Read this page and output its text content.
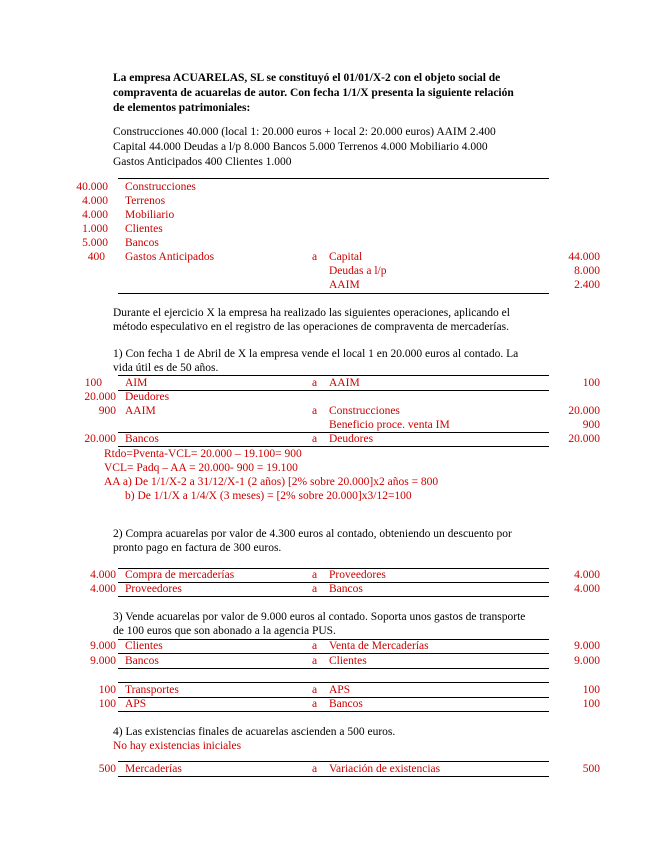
La empresa ACUARELAS, SL se constituyó el 01/01/X-2 con el objeto social de
compraventa de acuarelas de autor. Con fecha 1/1/X presenta la siguiente relación
de elementos patrimoniales:
Construcciones 40.000 (local 1: 20.000 euros + local 2: 20.000 euros) AAIM 2.400
Capital 44.000 Deudas a l/p 8.000 Bancos 5.000 Terrenos 4.000 Mobiliario 4.000
Gastos Anticipados 400 Clientes 1.000
40.000 Construcciones
4.000 Terrenos
4.000 Mobiliario
1.000 Clientes
5.000 Bancos
400 Gastos Anticipados	a Capital	44.000
Deudas a l/p	8.000
AAIM	2.400
Durante el ejercicio X la empresa ha realizado las siguientes operaciones, aplicando el
método especulativo en el registro de las operaciones de compraventa de mercaderías.
1) Con fecha 1 de Abril de X la empresa vende el local 1 en 20.000 euros al contado. La
vida útil es de 50 años.
100 AIM	a AAIM	100
20.000 Deudores
900 AAIM	a Construcciones	20.000
Beneficio proce. venta IM	900
20.000 Bancos	a Deudores	20.000
Rtdo=Pventa-VCL= 20.000 – 19.100= 900
VCL= Padq – AA = 20.000- 900 = 19.100
AA a) De 1/1/X-2 a 31/12/X-1 (2 años) [2% sobre 20.000]x2 años = 800
b) De 1/1/X a 1/4/X (3 meses) = [2% sobre 20.000]x3/12=100
2) Compra acuarelas por valor de 4.300 euros al contado, obteniendo un descuento por
pronto pago en factura de 300 euros.
4.000 Compra de mercaderías	a Proveedores	4.000
4.000 Proveedores	a Bancos	4.000
3) Vende acuarelas por valor de 9.000 euros al contado. Soporta unos gastos de transporte
de 100 euros que son abonado a la agencia PUS.
9.000 Clientes	a Venta de Mercaderías	9.000
9.000 Bancos	a Clientes	9.000
100 Transportes	a APS	100
100 APS	a Bancos	100
4) Las existencias finales de acuarelas ascienden a 500 euros.
No hay existencias iniciales
500 Mercaderías	a Variación de existencias	500
